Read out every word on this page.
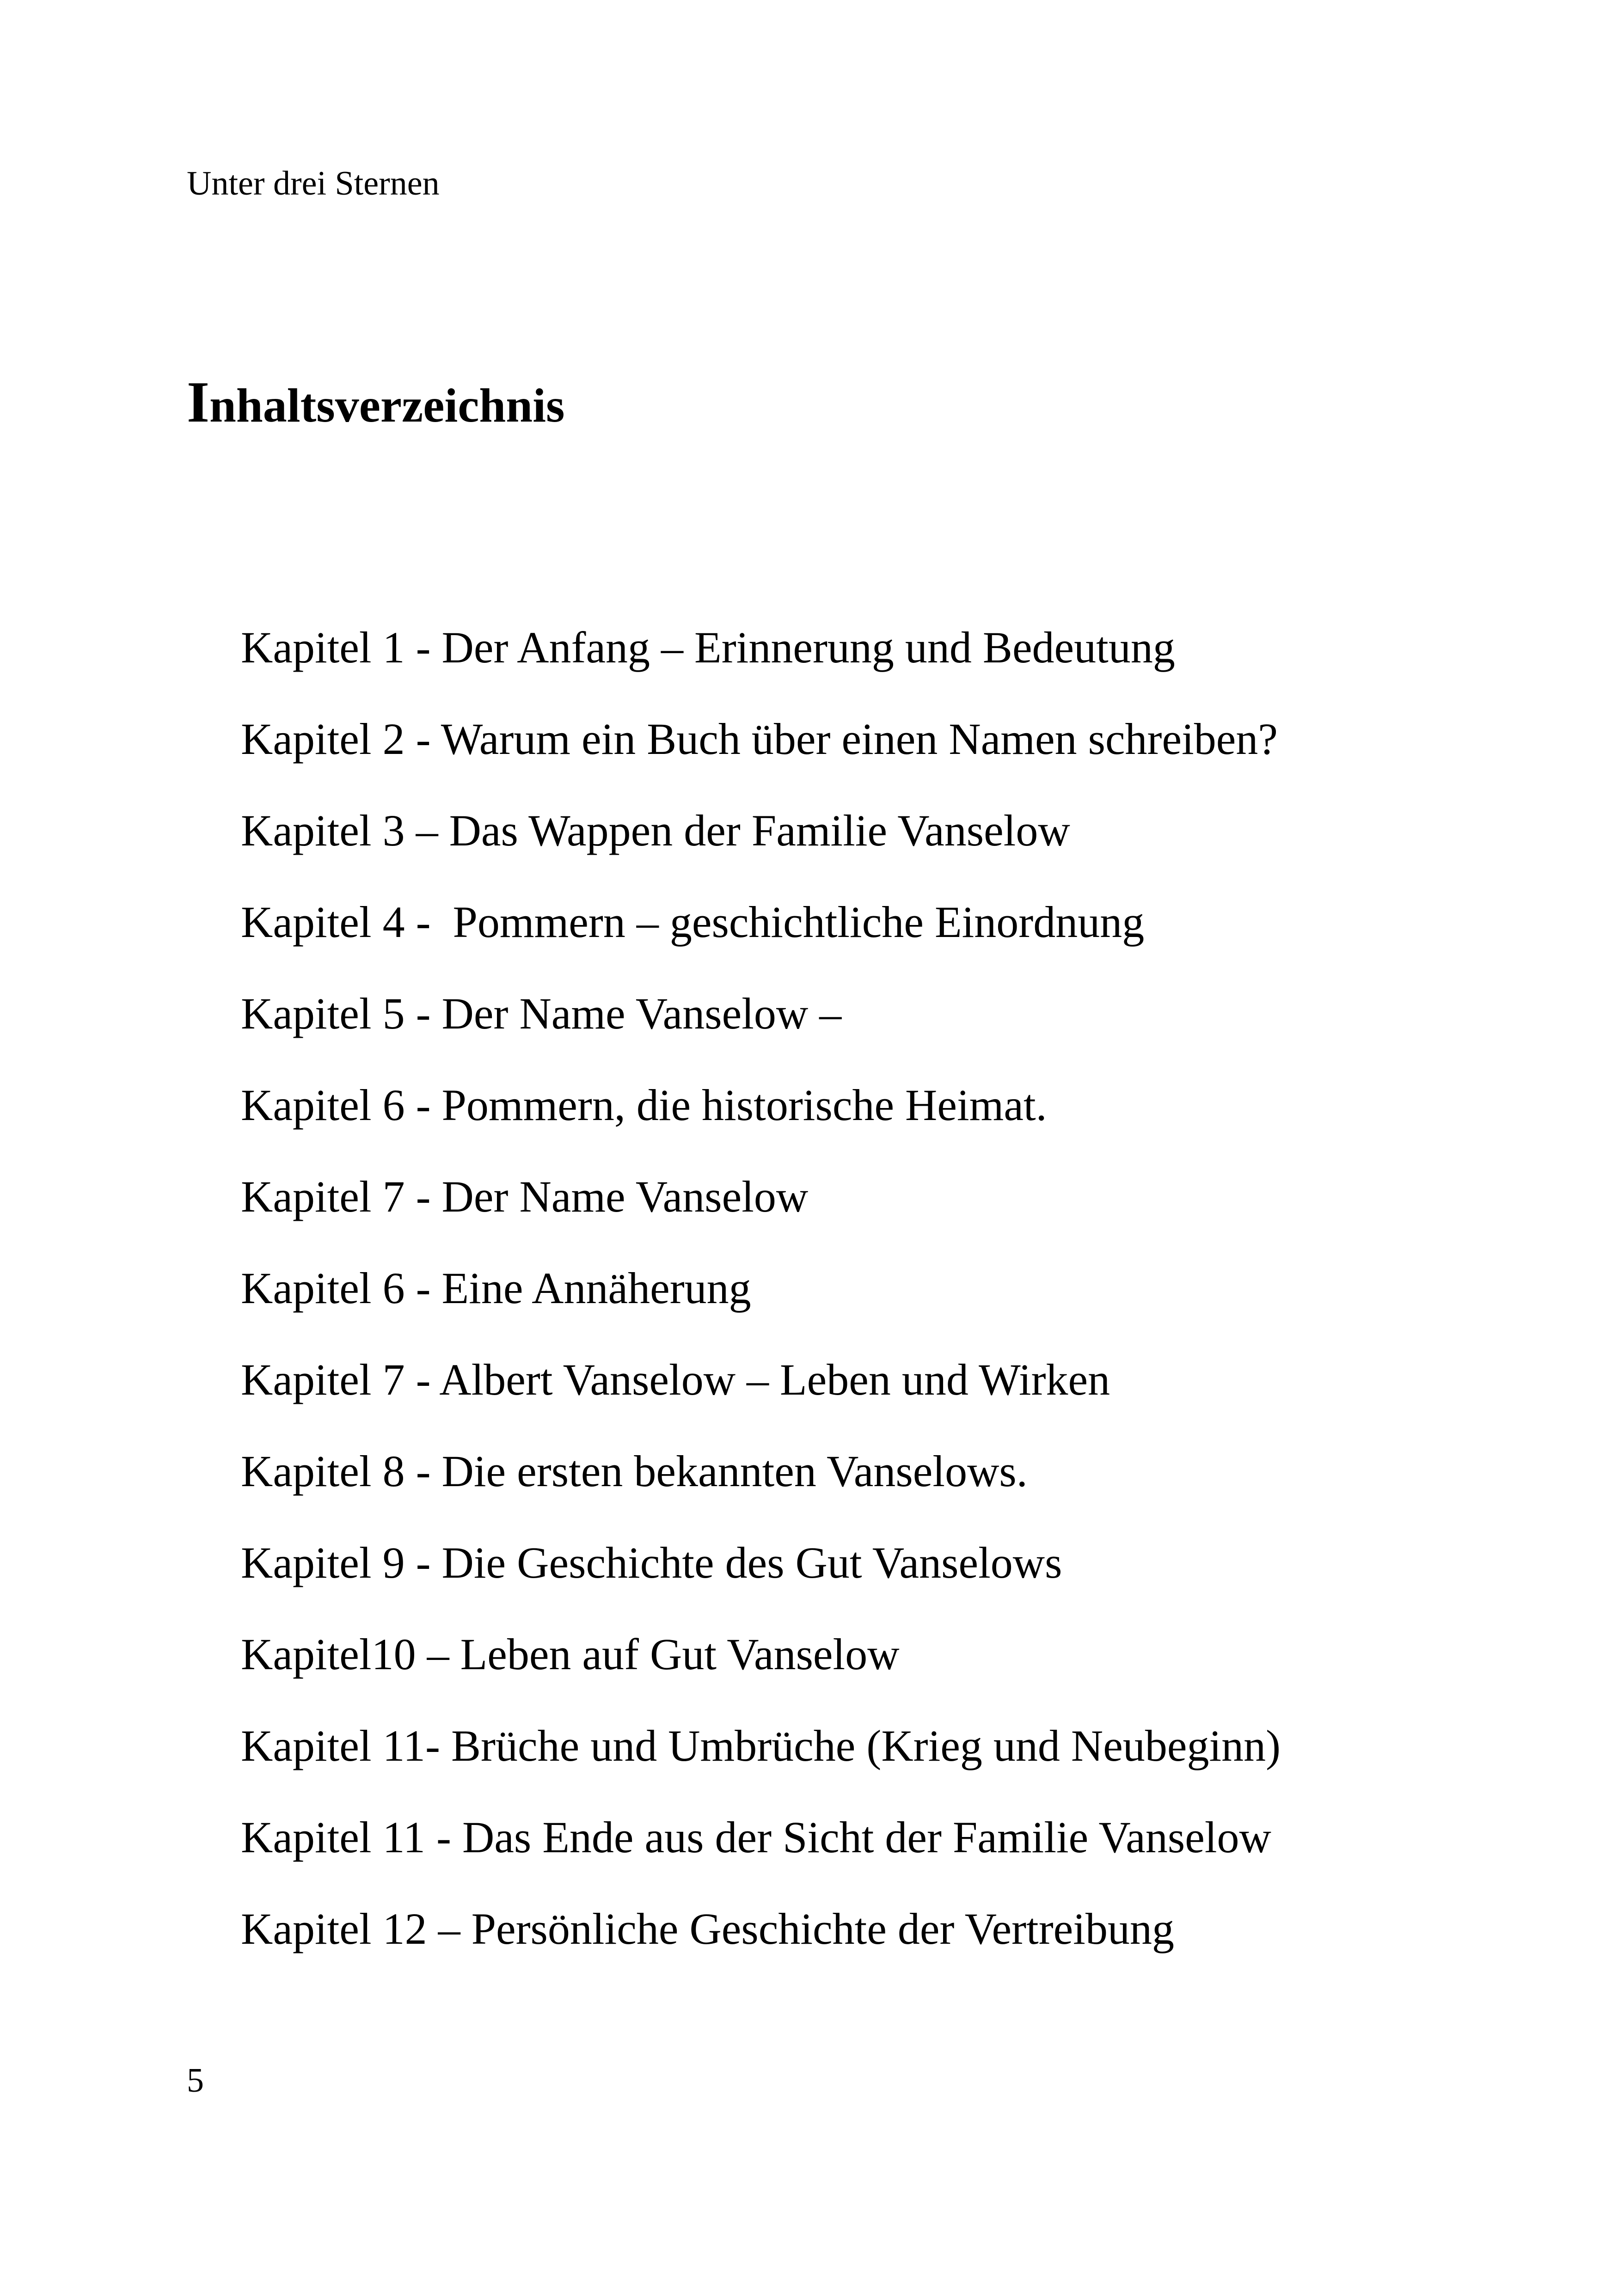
Unter drei Sternen
Inhaltsverzeichnis
Kapitel 1 - Der Anfang – Erinnerung und Bedeutung
Kapitel 2 - Warum ein Buch über einen Namen schreiben?
Kapitel 3 – Das Wappen der Familie Vanselow
Kapitel 4 -  Pommern – geschichtliche Einordnung
Kapitel 5 - Der Name Vanselow –
Kapitel 6 - Pommern, die historische Heimat.
Kapitel 7 - Der Name Vanselow
Kapitel 6 - Eine Annäherung
Kapitel 7 - Albert Vanselow – Leben und Wirken
Kapitel 8 - Die ersten bekannten Vanselows.
Kapitel 9 - Die Geschichte des Gut Vanselows
Kapitel10 – Leben auf Gut Vanselow
Kapitel 11- Brüche und Umbrüche (Krieg und Neubeginn)
Kapitel 11 - Das Ende aus der Sicht der Familie Vanselow
Kapitel 12 – Persönliche Geschichte der Vertreibung
5
